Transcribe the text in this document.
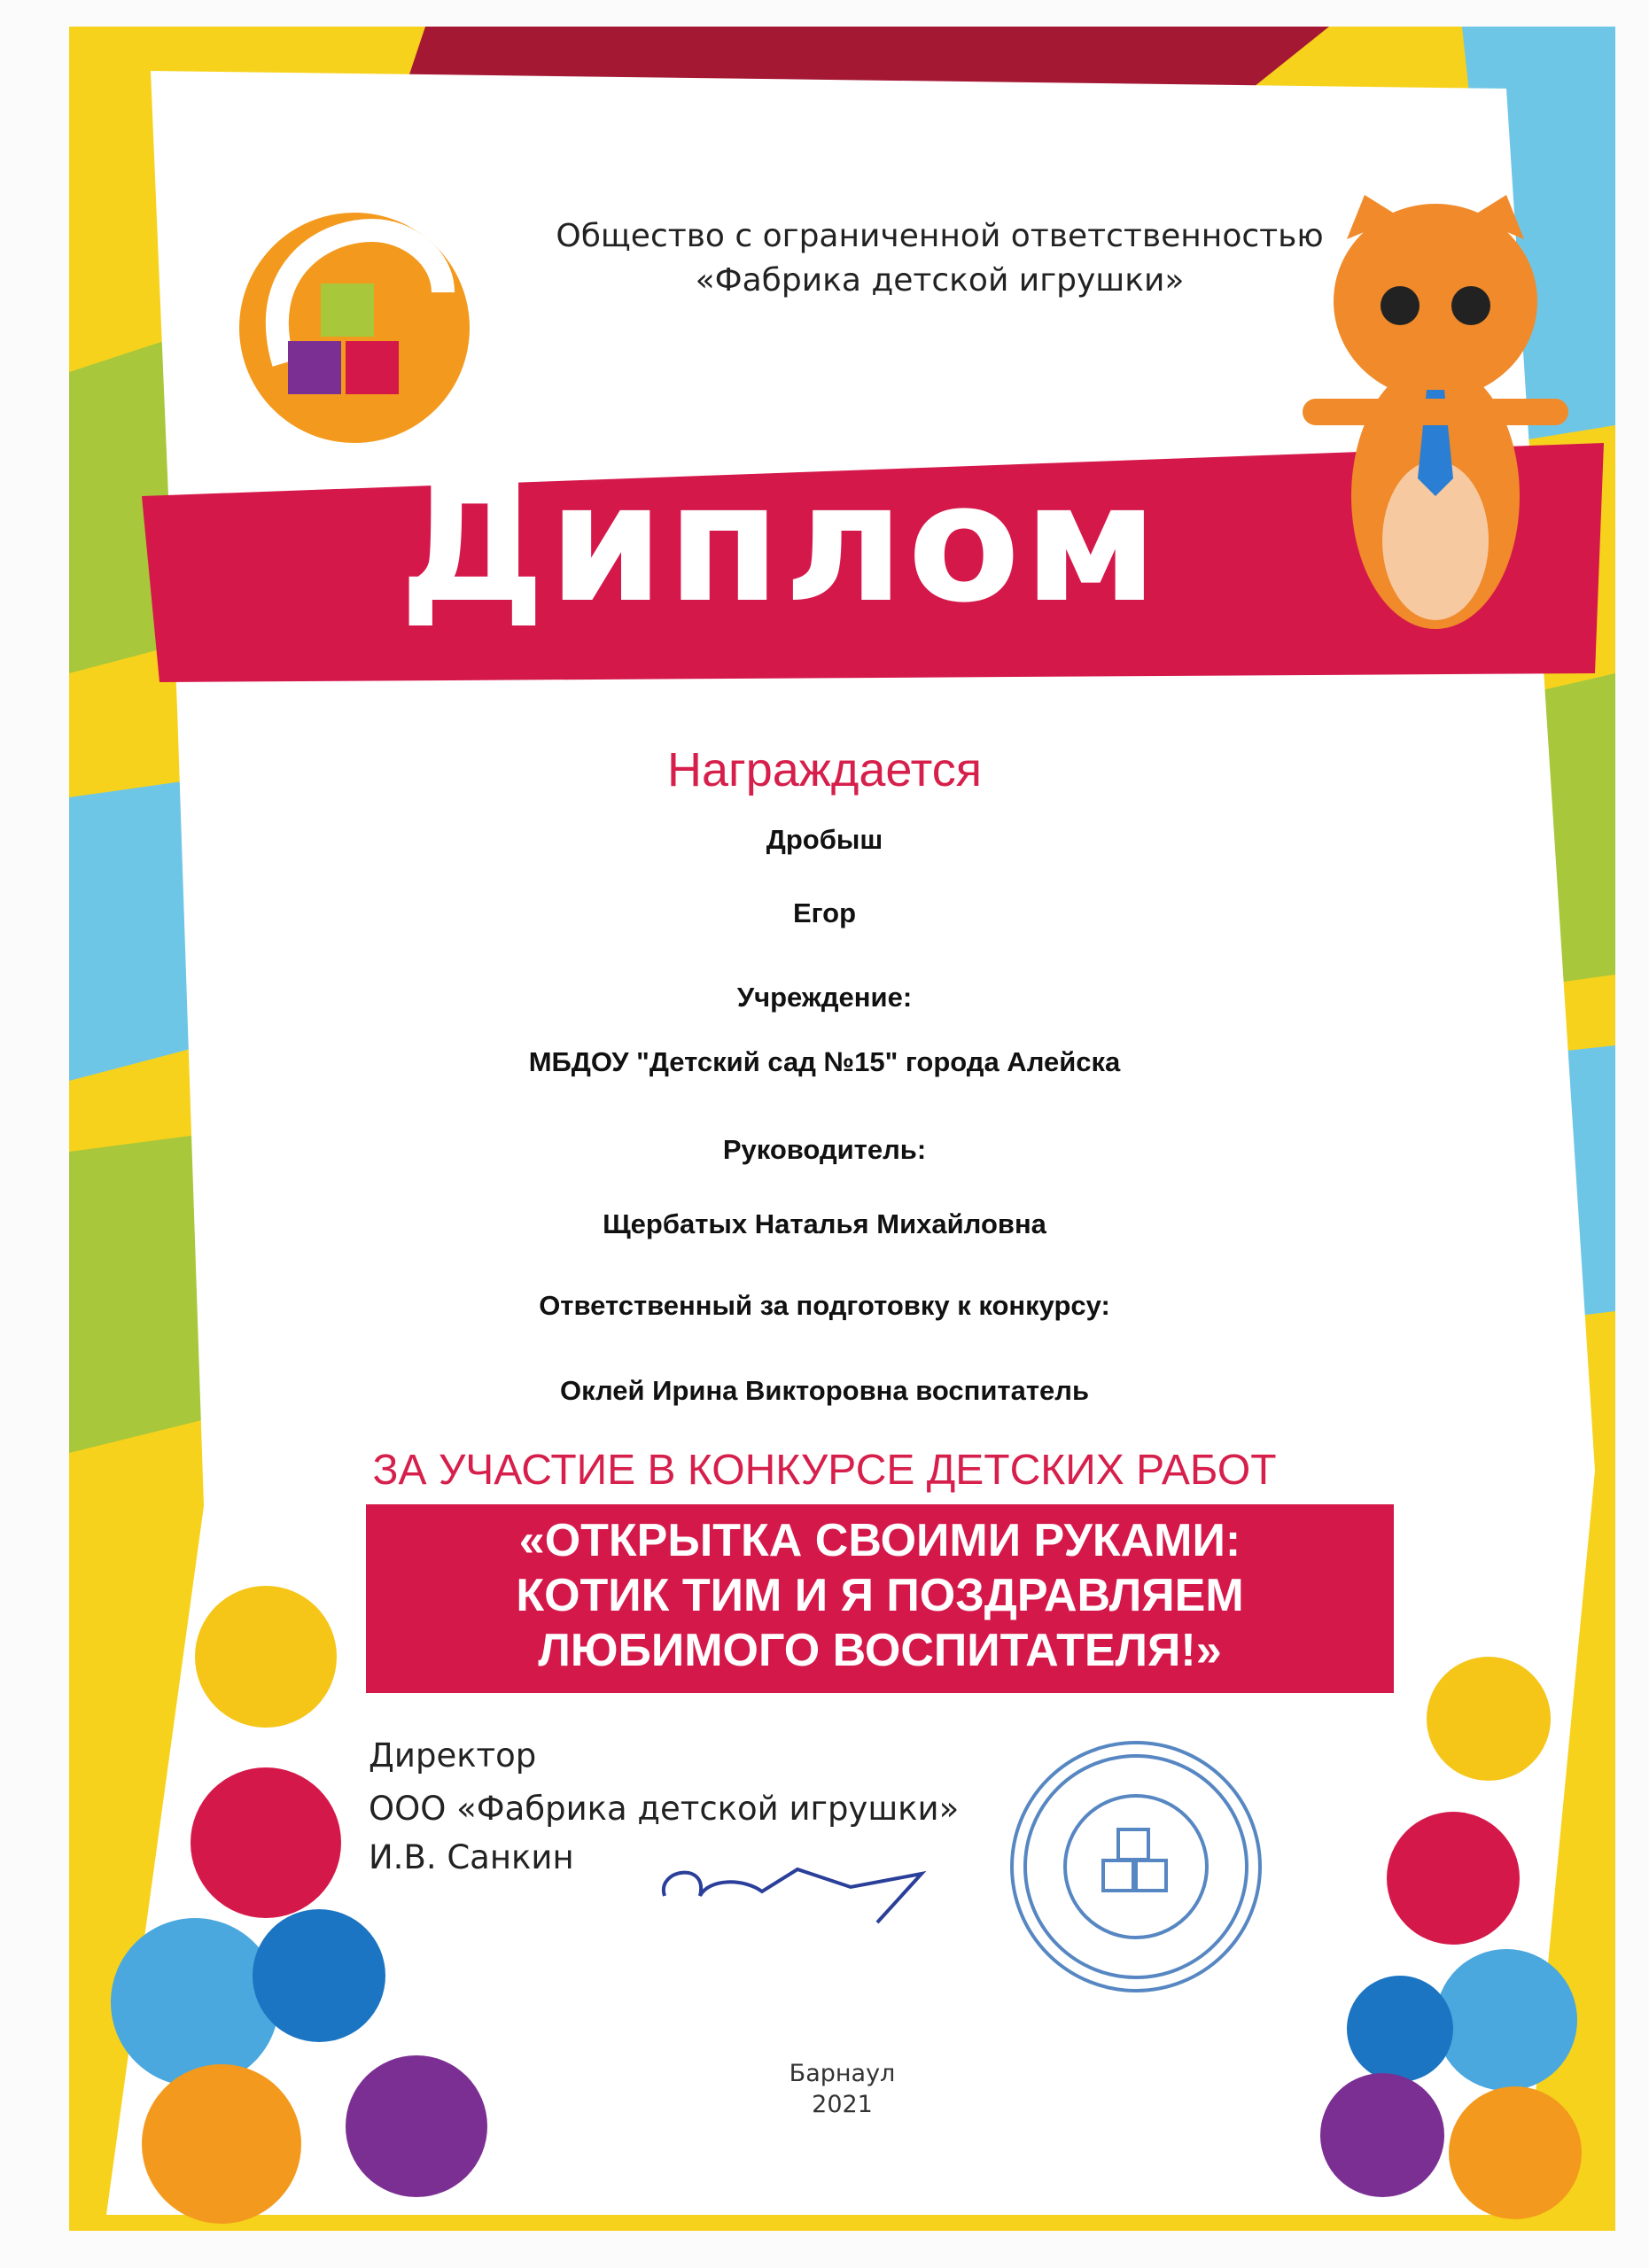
Общество с ограниченной ответственностью
«Фабрика детской игрушки»
Диплом
Награждается
Дробыш
Егор
Учреждение:
МБДОУ "Детский сад №15" города Алейска
Руководитель:
Щербатых Наталья Михайловна
Ответственный за подготовку к конкурсу:
Оклей Ирина Викторовна воспитатель
ЗА УЧАСТИЕ В КОНКУРСЕ ДЕТСКИХ РАБОТ
«ОТКРЫТКА СВОИМИ РУКАМИ:
КОТИК ТИМ И Я ПОЗДРАВЛЯЕМ
ЛЮБИМОГО ВОСПИТАТЕЛЯ!»
Директор
ООО «Фабрика детской игрушки»
И.В. Санкин
Барнаул
2021
